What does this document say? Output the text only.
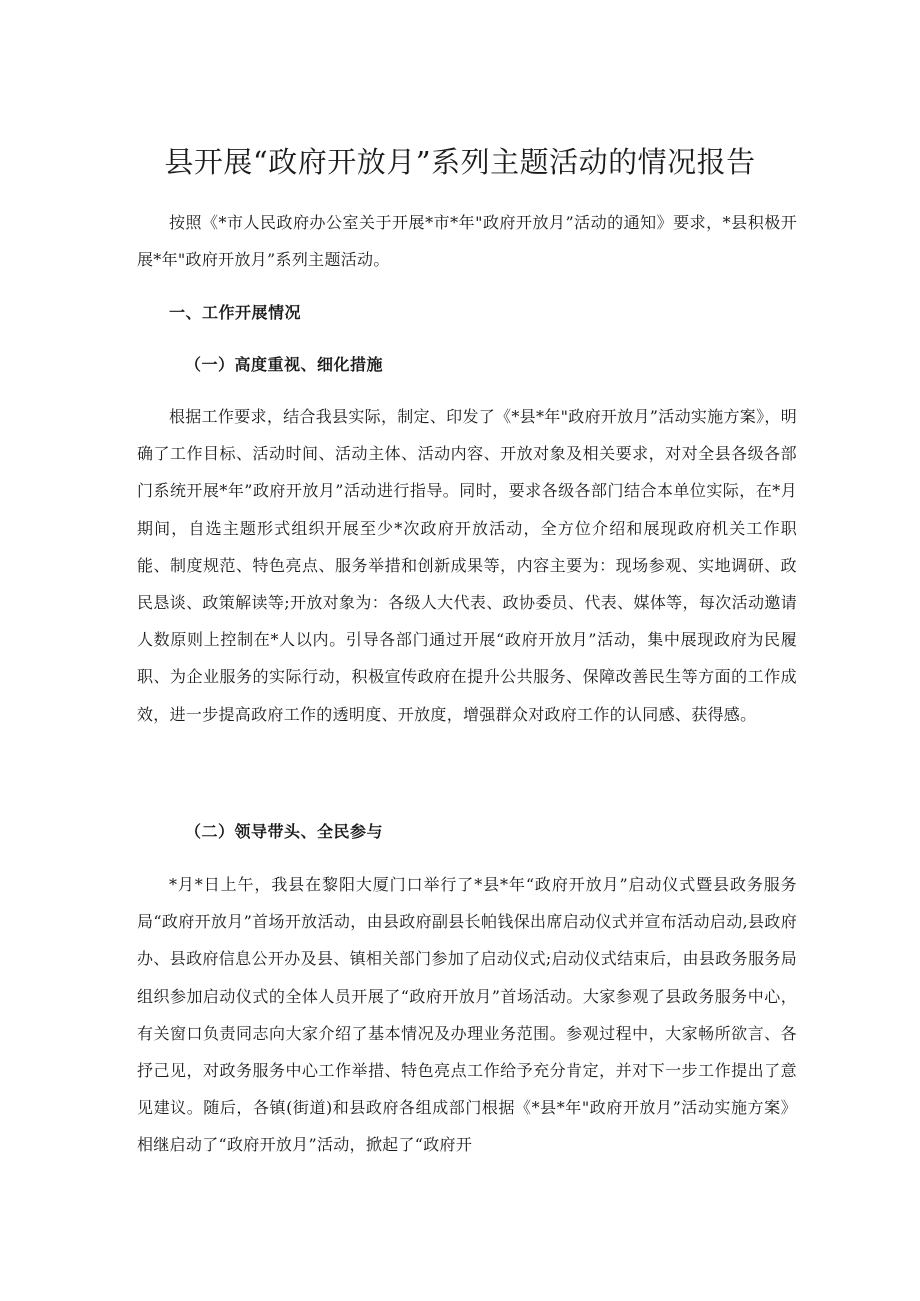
县开展“政府开放月”系列主题活动的情况报告

按照《*市人民政府办公室关于开展*市*年"政府开放月”活动的通知》要求，*县积极开展*年"政府开放月”系列主题活动。

一、工作开展情况
（一）高度重视、细化措施

根据工作要求，结合我县实际，制定、印发了《*县*年"政府开放月”活动实施方案》，明确了工作目标、活动时间、活动主体、活动内容、开放对象及相关要求，对对全县各级各部门系统开展*年”政府开放月”活动进行指导。同时，要求各级各部门结合本单位实际，在*月期间，自选主题形式组织开展至少*次政府开放活动，全方位介绍和展现政府机关工作职能、制度规范、特色亮点、服务举措和创新成果等，内容主要为：现场参观、实地调研、政民恳谈、政策解读等;开放对象为：各级人大代表、政协委员、代表、媒体等，每次活动邀请人数原则上控制在*人以内。引导各部门通过开展“政府开放月”活动，集中展现政府为民履职、为企业服务的实际行动，积极宣传政府在提升公共服务、保障改善民生等方面的工作成效，进一步提高政府工作的透明度、开放度，增强群众对政府工作的认同感、获得感。

（二）领导带头、全民参与

*月*日上午，我县在黎阳大厦门口举行了*县*年“政府开放月”启动仪式暨县政务服务局“政府开放月”首场开放活动，由县政府副县长帕钱保出席启动仪式并宣布活动启动,县政府办、县政府信息公开办及县、镇相关部门参加了启动仪式;启动仪式结束后，由县政务服务局组织参加启动仪式的全体人员开展了“政府开放月”首场活动。大家参观了县政务服务中心，有关窗口负责同志向大家介绍了基本情况及办理业务范围。参观过程中，大家畅所欲言、各抒己见，对政务服务中心工作举措、特色亮点工作给予充分肯定，并对下一步工作提出了意见建议。随后，各镇(街道)和县政府各组成部门根据《*县*年"政府开放月”活动实施方案》相继启动了“政府开放月”活动，掀起了“政府开
